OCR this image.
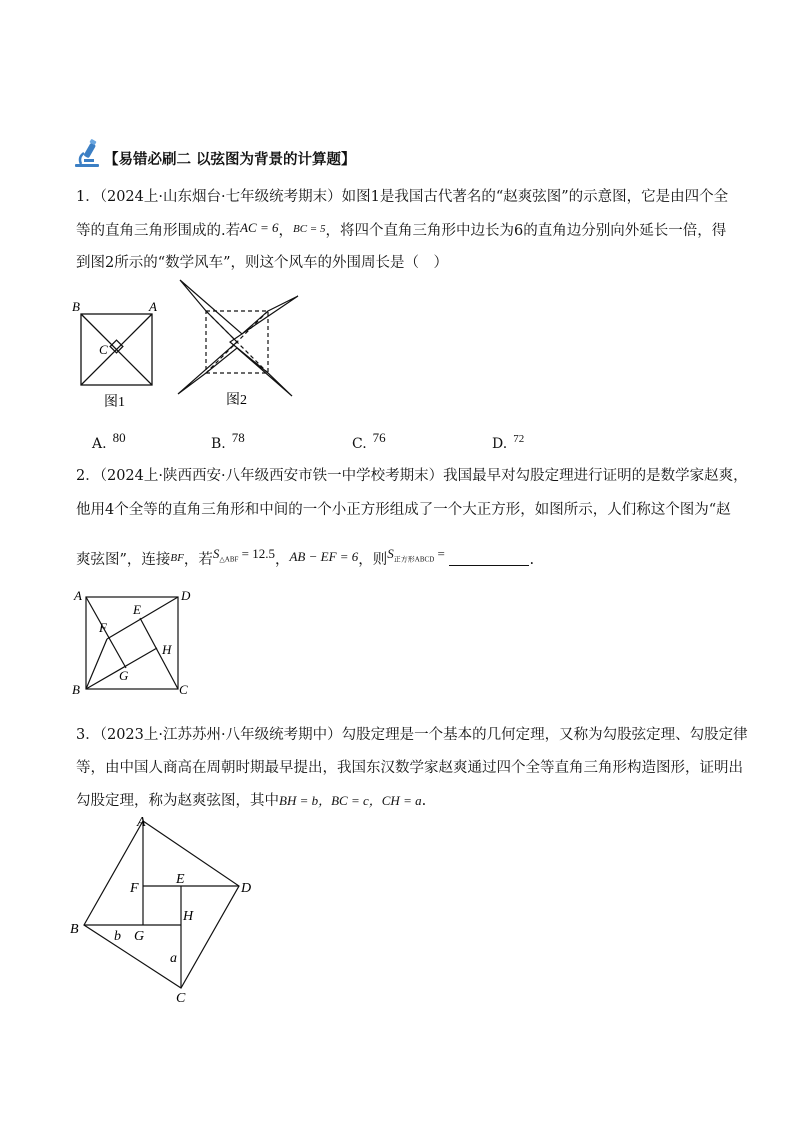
【易错必刷二 以弦图为背景的计算题】
1．（2024上·山东烟台·七年级统考期末）如图1是我国古代著名的“赵爽弦图”的示意图，它是由四个全
等的直角三角形围成的.若AC = 6，$^{BC = 5}$，将四个直角三角形中边长为6的直角边分别向外延长一倍，得
到图2所示的“数学风车”，则这个风车的外围周长是（　）
B	A
C
图1	图2
A. 80	B. 78	C. 76	D. $^{72}$
2．（2024上·陕西西安·八年级西安市铁一中学校考期末）我国最早对勾股定理进行证明的是数学家赵爽，
他用4个全等的直角三角形和中间的一个小正方形组成了一个大正方形，如图所示，人们称这个图为“赵
爽弦图”，连接$^{BF}$，若$S_{\triangle ABF} = 12.5$，AB − EF = 6，则$S_{正方形ABCD}$ =	.
A	D
E
F
H
G
B	C
3．（2023上·江苏苏州·八年级统考期中）勾股定理是一个基本的几何定理，又称为勾股弦定理、勾股定律
等，由中国人商高在周朝时期最早提出，我国东汉数学家赵爽通过四个全等直角三角形构造图形，证明出
勾股定理，称为赵爽弦图，其中BH = b，BC = c，CH = a.
A
F
E
D
B	b G
H
a
C
